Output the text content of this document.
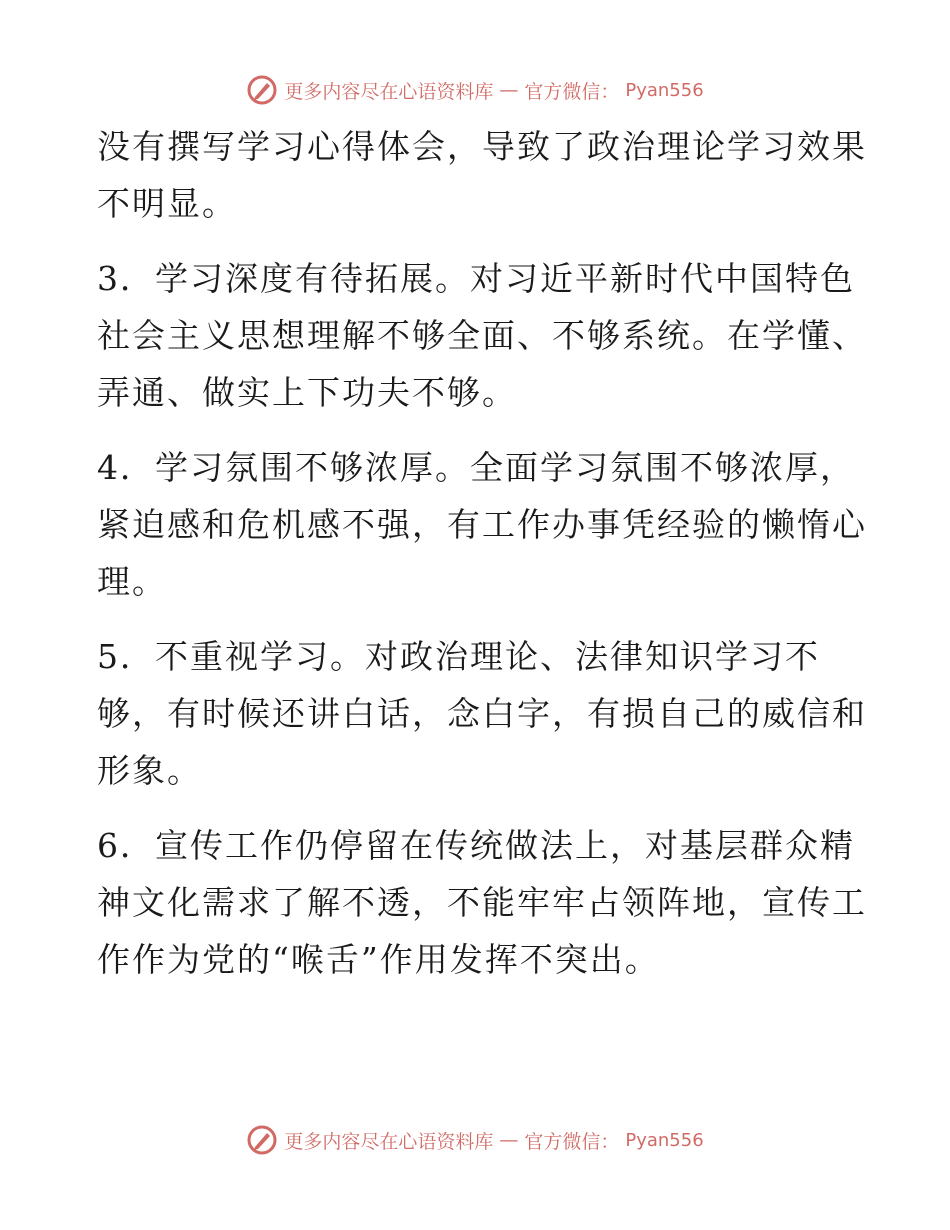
更多内容尽在心语资料库 — 官方微信： Pyan556

没有撰写学习心得体会，导致了政治理论学习效果
不明显。

3．学习深度有待拓展。对习近平新时代中国特色
社会主义思想理解不够全面、不够系统。在学懂、
弄通、做实上下功夫不够。

4．学习氛围不够浓厚。全面学习氛围不够浓厚，
紧迫感和危机感不强，有工作办事凭经验的懒惰心
理。

5．不重视学习。对政治理论、法律知识学习不
够，有时候还讲白话，念白字，有损自己的威信和
形象。

6．宣传工作仍停留在传统做法上，对基层群众精
神文化需求了解不透，不能牢牢占领阵地，宣传工
作作为党的“喉舌”作用发挥不突出。

更多内容尽在心语资料库 — 官方微信： Pyan556
